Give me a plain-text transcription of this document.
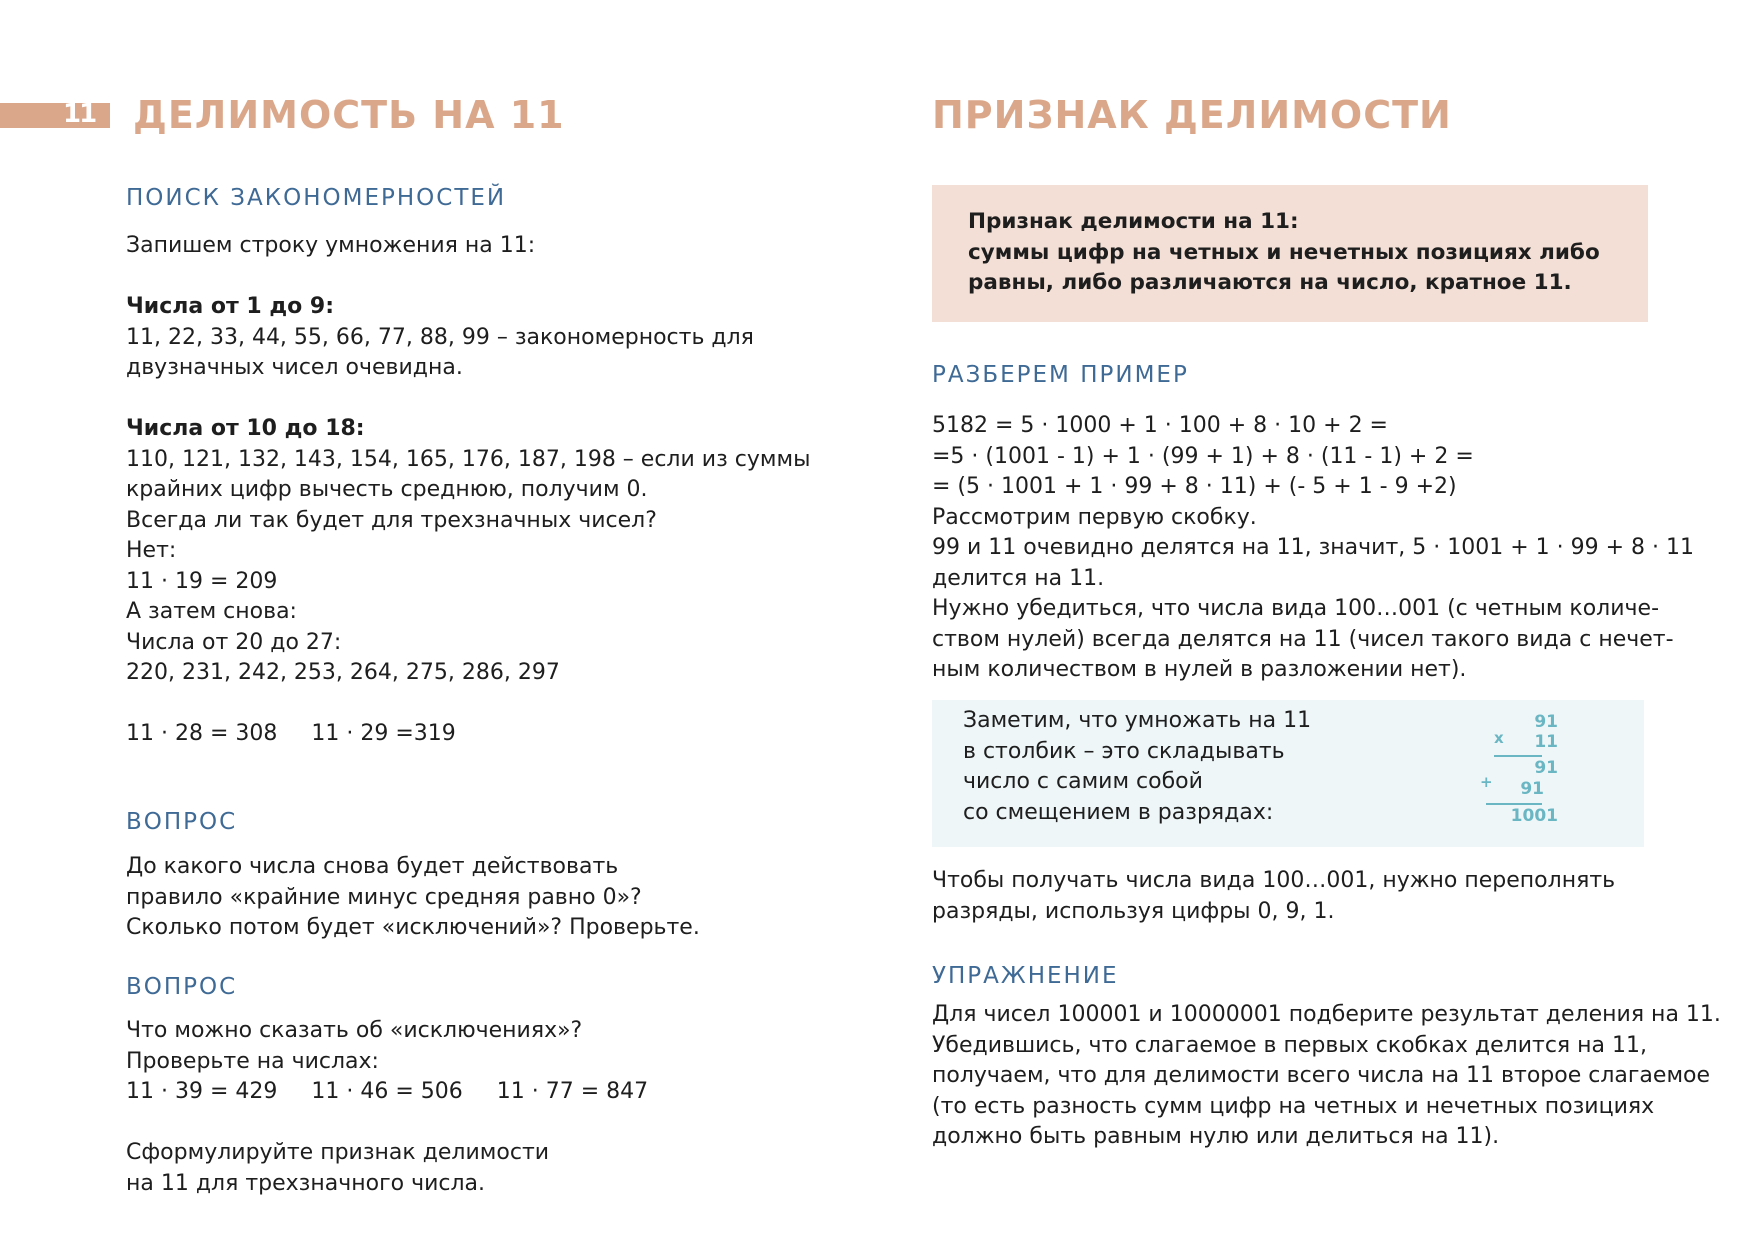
11 ДЕЛИМОСТЬ НА 11
ПОИСК ЗАКОНОМЕРНОСТЕЙ
Запишем строку умножения на 11:
Числа от 1 до 9:
11, 22, 33, 44, 55, 66, 77, 88, 99 – закономерность для
двузначных чисел очевидна.
Числа от 10 до 18:
110, 121, 132, 143, 154, 165, 176, 187, 198 – если из суммы
крайних цифр вычесть среднюю, получим 0.
Всегда ли так будет для трехзначных чисел?
Нет:
11 · 19 = 209
А затем снова:
Числа от 20 до 27:
220, 231, 242, 253, 264, 275, 286, 297
11 · 28 = 308 11 · 29 =319
ВОПРОС
До какого числа снова будет действовать
правило «крайние минус средняя равно 0»?
Сколько потом будет «исключений»? Проверьте.
ВОПРОС
Что можно сказать об «исключениях»?
Проверьте на числах:
11 · 39 = 429 11 · 46 = 506 11 · 77 = 847
Сформулируйте признак делимости
на 11 для трехзначного числа.
ПРИЗНАК ДЕЛИМОСТИ
Признак делимости на 11:
суммы цифр на четных и нечетных позициях либо
равны, либо различаются на число, кратное 11.
РАЗБЕРЕМ ПРИМЕР
5182 = 5 · 1000 + 1 · 100 + 8 · 10 + 2 =
=5 · (1001 - 1) + 1 · (99 + 1) + 8 · (11 - 1) + 2 =
= (5 · 1001 + 1 · 99 + 8 · 11) + (- 5 + 1 - 9 +2)
Рассмотрим первую скобку.
99 и 11 очевидно делятся на 11, значит, 5 · 1001 + 1 · 99 + 8 · 11
делится на 11.
Нужно убедиться, что числа вида 100…001 (с четным количе-
ством нулей) всегда делятся на 11 (чисел такого вида с нечет-
ным количеством в нулей в разложении нет).
Заметим, что умножать на 11
в столбик – это складывать
число с самим собой
со смещением в разрядах:
x
91
11
91
+ 91
1001
Чтобы получать числа вида 100…001, нужно переполнять
разряды, используя цифры 0, 9, 1.
УПРАЖНЕНИЕ
Для чисел 100001 и 10000001 подберите результат деления на 11.
Убедившись, что слагаемое в первых скобках делится на 11,
получаем, что для делимости всего числа на 11 второе слагаемое
(то есть разность сумм цифр на четных и нечетных позициях
должно быть равным нулю или делиться на 11).
